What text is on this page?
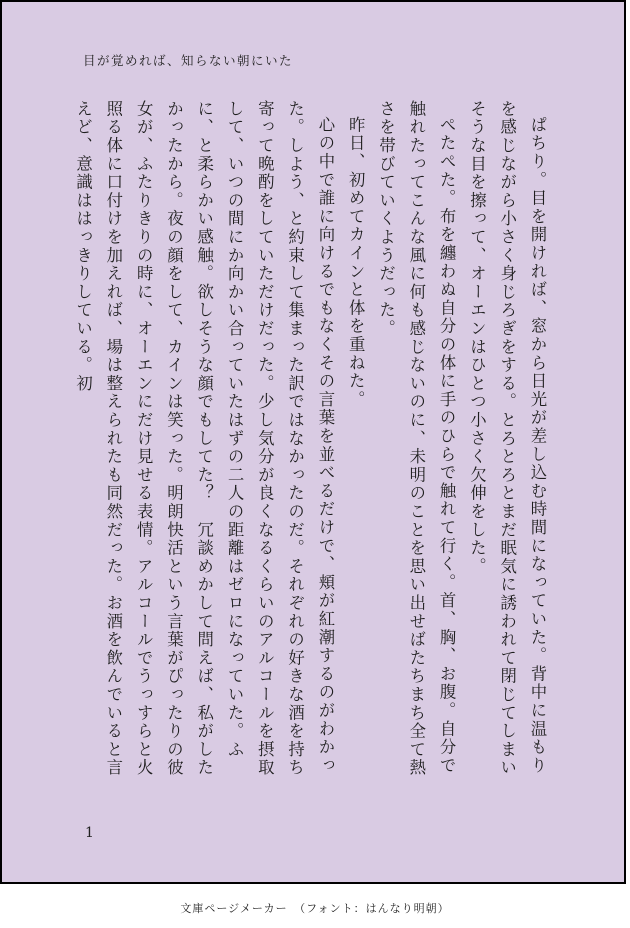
目が覚めれば、知らない朝にいた

ぱちり。目を開ければ、窓から日光が差し込む時間になっていた。背中に温もりを感じながら小さく身じろぎをする。とろとろとまだ眠気に誘われて閉じてしまいそうな目を擦って、オーエンはひとつ小さく欠伸をした。

ぺたぺた。布を纏わぬ自分の体に手のひらで触れて行く。首、胸、お腹。自分で触れたってこんな風に何も感じないのに、未明のことを思い出せばたちまち全て熱さを帯びていくようだった。

昨日、初めてカインと体を重ねた。

心の中で誰に向けるでもなくその言葉を並べるだけで、頬が紅潮するのがわかった。しよう、と約束して集まった訳ではなかったのだ。それぞれの好きな酒を持ち寄って晩酌をしていただけだった。少し気分が良くなるくらいのアルコールを摂取して、いつの間にか向かい合っていたはずの二人の距離はゼロになっていた。ふに、と柔らかい感触。欲しそうな顔でもしてた？　冗談めかして問えば、私がしたかったから。夜の顔をして、カインは笑った。明朗快活という言葉がぴったりの彼女が、ふたりきりの時に、オーエンにだけ見せる表情。アルコールでうっすらと火照る体に口付けを加えれば、場は整えられたも同然だった。お酒を飲んでいると言えど、意識ははっきりしている。初

1
文庫ページメーカー　（フォント：はんなり明朝）
